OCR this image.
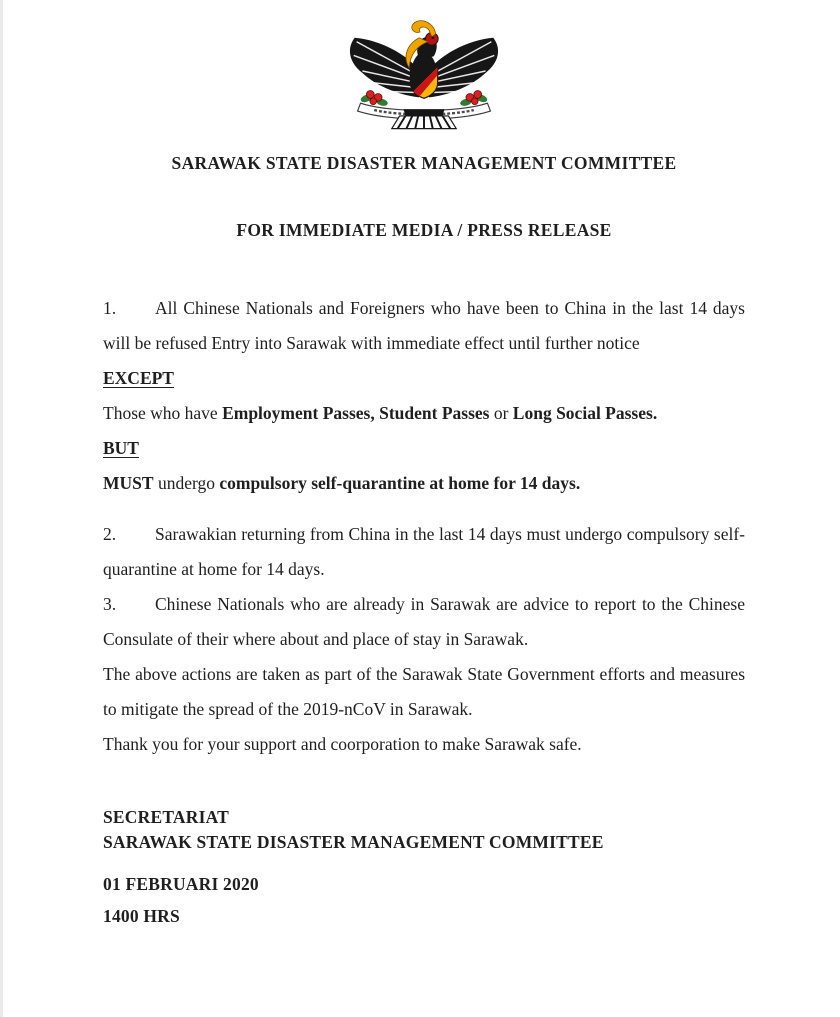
SARAWAK STATE DISASTER MANAGEMENT COMMITTEE
FOR IMMEDIATE MEDIA / PRESS RELEASE

1. All Chinese Nationals and Foreigners who have been to China in the last 14 days will be refused Entry into Sarawak with immediate effect until further notice

EXCEPT

Those who have Employment Passes, Student Passes or Long Social Passes.

BUT

MUST undergo compulsory self-quarantine at home for 14 days.

2. Sarawakian returning from China in the last 14 days must undergo compulsory self-quarantine at home for 14 days.

3. Chinese Nationals who are already in Sarawak are advice to report to the Chinese Consulate of their where about and place of stay in Sarawak.

The above actions are taken as part of the Sarawak State Government efforts and measures to mitigate the spread of the 2019-nCoV in Sarawak.

Thank you for your support and coorporation to make Sarawak safe.

SECRETARIAT

SARAWAK STATE DISASTER MANAGEMENT COMMITTEE

01 FEBRUARI 2020

1400 HRS
